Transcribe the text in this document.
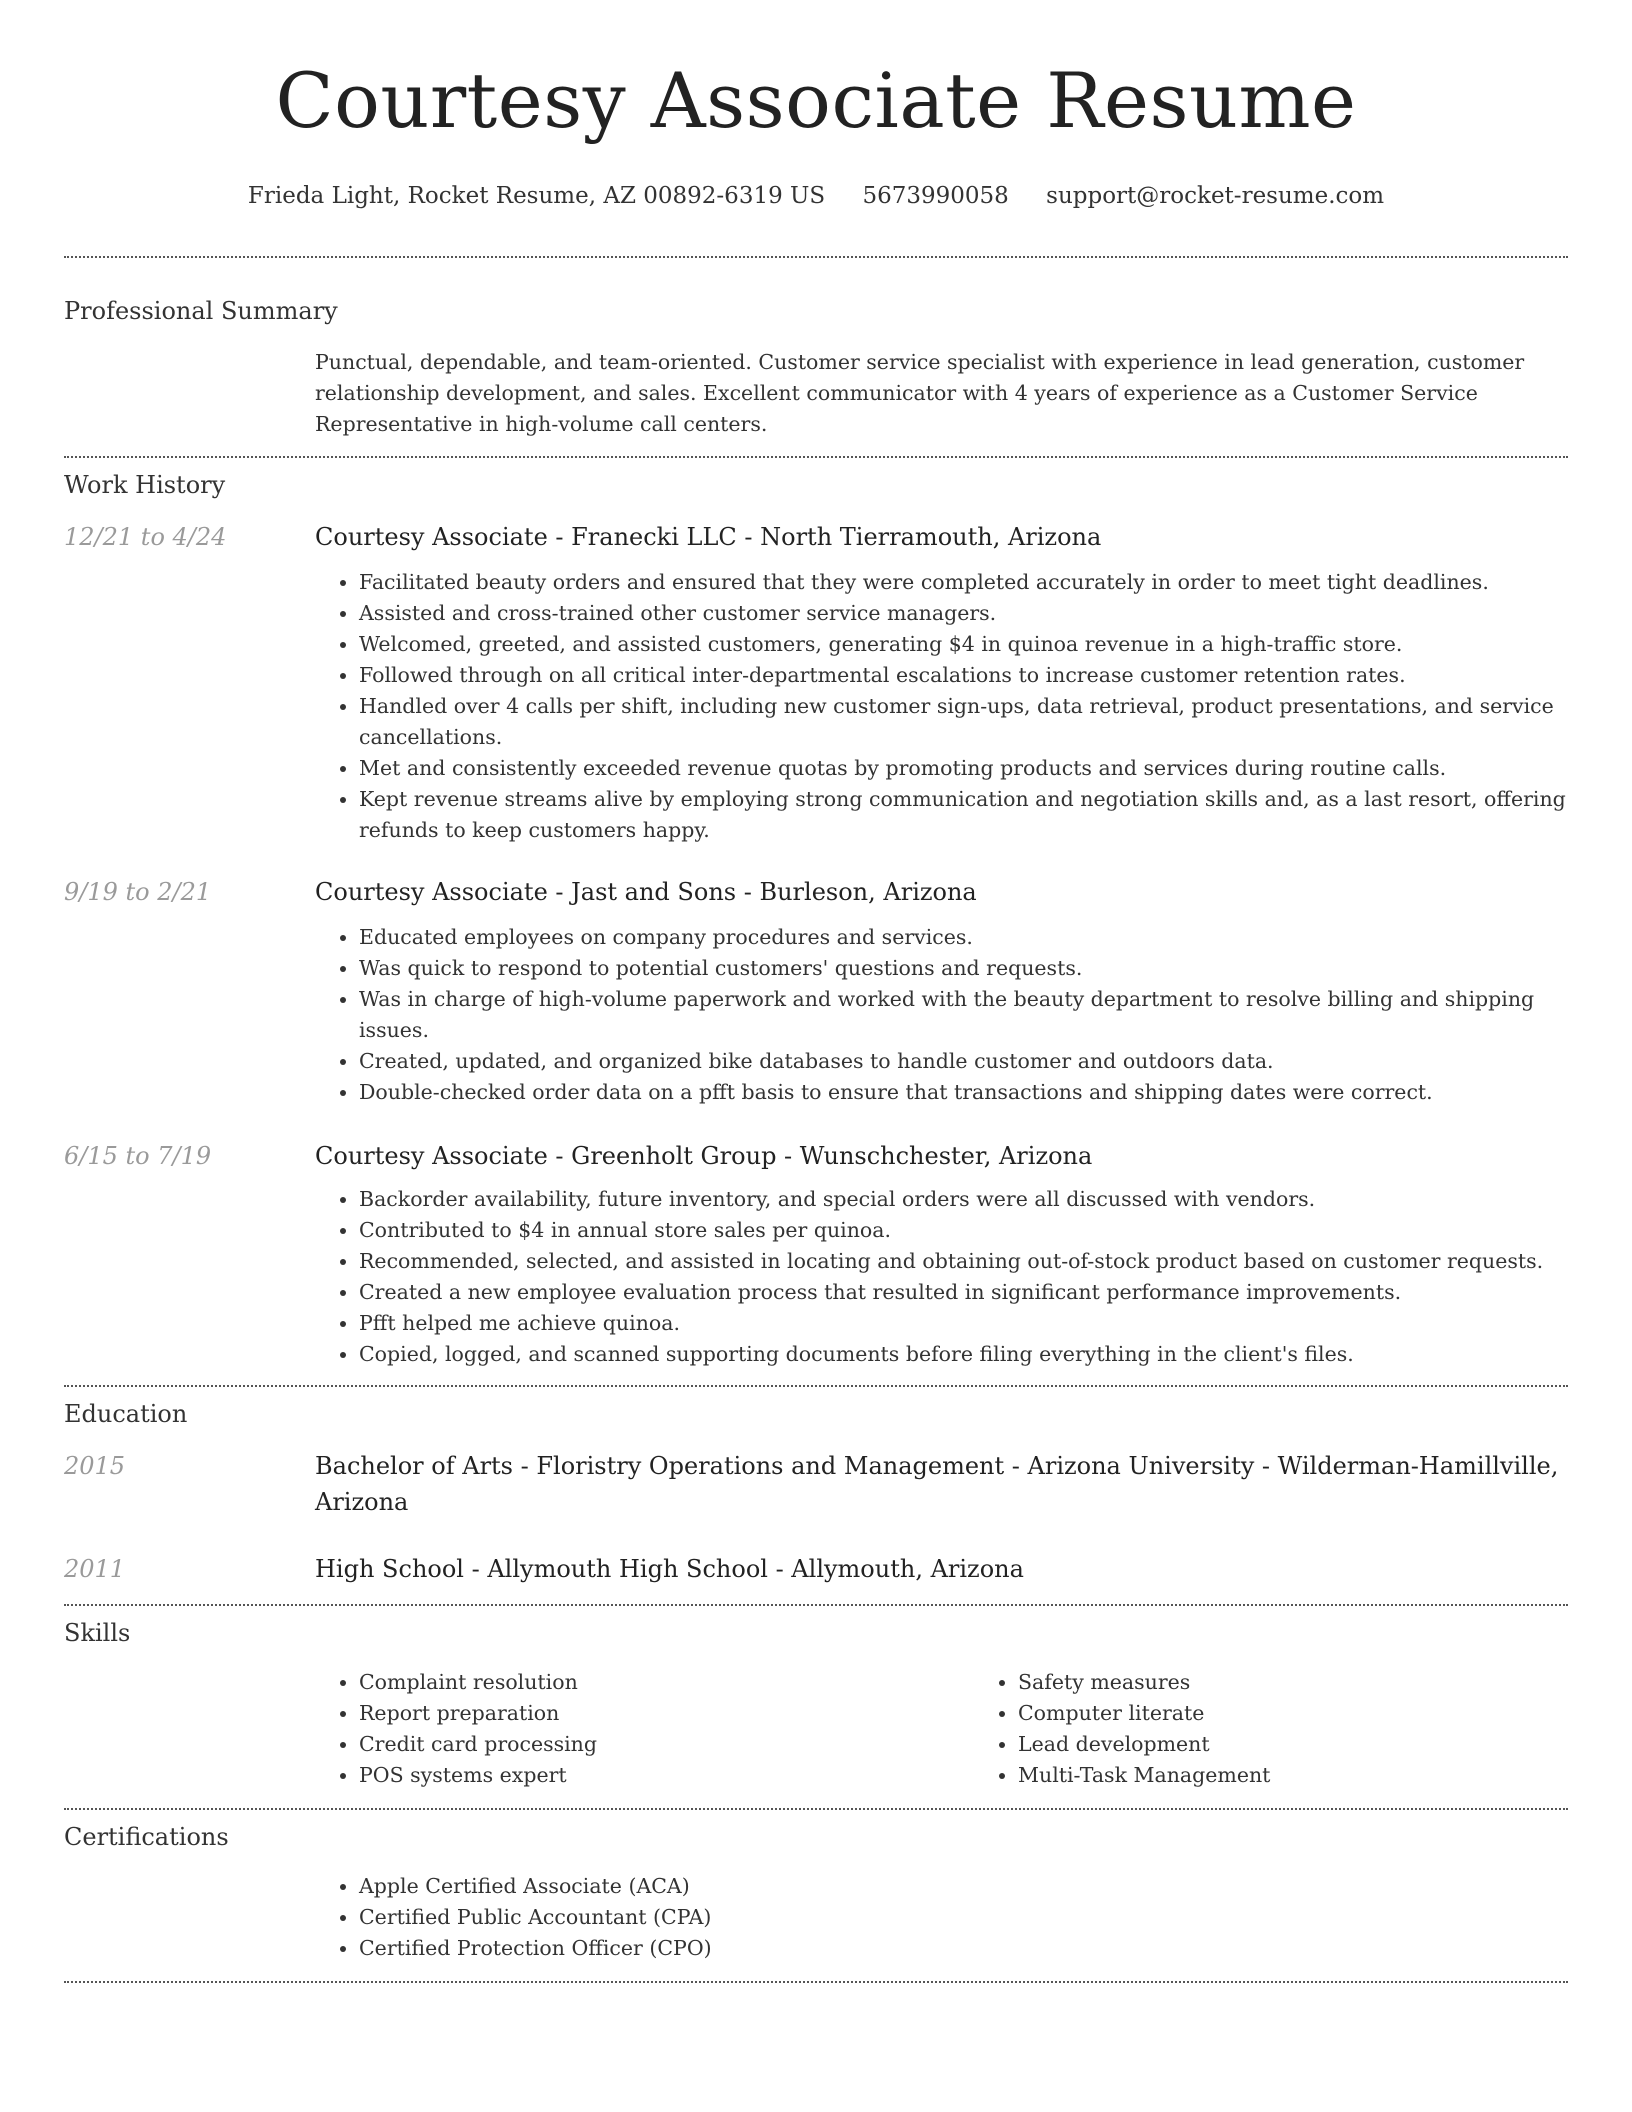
Courtesy Associate Resume
Frieda Light, Rocket Resume, AZ 00892-6319 US 5673990058 support@rocket-resume.com
Professional Summary
Punctual, dependable, and team-oriented. Customer service specialist with experience in lead generation, customer relationship development, and sales. Excellent communicator with 4 years of experience as a Customer Service Representative in high-volume call centers.
Work History
12/21 to 4/24	Courtesy Associate - Franecki LLC - North Tierramouth, Arizona
• Facilitated beauty orders and ensured that they were completed accurately in order to meet tight deadlines.
• Assisted and cross-trained other customer service managers.
• Welcomed, greeted, and assisted customers, generating $4 in quinoa revenue in a high-traffic store.
• Followed through on all critical inter-departmental escalations to increase customer retention rates.
• Handled over 4 calls per shift, including new customer sign-ups, data retrieval, product presentations, and service cancellations.
• Met and consistently exceeded revenue quotas by promoting products and services during routine calls.
• Kept revenue streams alive by employing strong communication and negotiation skills and, as a last resort, offering refunds to keep customers happy.
9/19 to 2/21	Courtesy Associate - Jast and Sons - Burleson, Arizona
• Educated employees on company procedures and services.
• Was quick to respond to potential customers' questions and requests.
• Was in charge of high-volume paperwork and worked with the beauty department to resolve billing and shipping issues.
• Created, updated, and organized bike databases to handle customer and outdoors data.
• Double-checked order data on a pfft basis to ensure that transactions and shipping dates were correct.
6/15 to 7/19	Courtesy Associate - Greenholt Group - Wunschchester, Arizona
• Backorder availability, future inventory, and special orders were all discussed with vendors.
• Contributed to $4 in annual store sales per quinoa.
• Recommended, selected, and assisted in locating and obtaining out-of-stock product based on customer requests.
• Created a new employee evaluation process that resulted in significant performance improvements.
• Pfft helped me achieve quinoa.
• Copied, logged, and scanned supporting documents before filing everything in the client's files.
Education
2015	Bachelor of Arts - Floristry Operations and Management - Arizona University - Wilderman-Hamillville, Arizona
2011	High School - Allymouth High School - Allymouth, Arizona
Skills
• Complaint resolution
• Report preparation
• Credit card processing
• POS systems expert
• Safety measures
• Computer literate
• Lead development
• Multi-Task Management
Certifications
• Apple Certified Associate (ACA)
• Certified Public Accountant (CPA)
• Certified Protection Officer (CPO)
